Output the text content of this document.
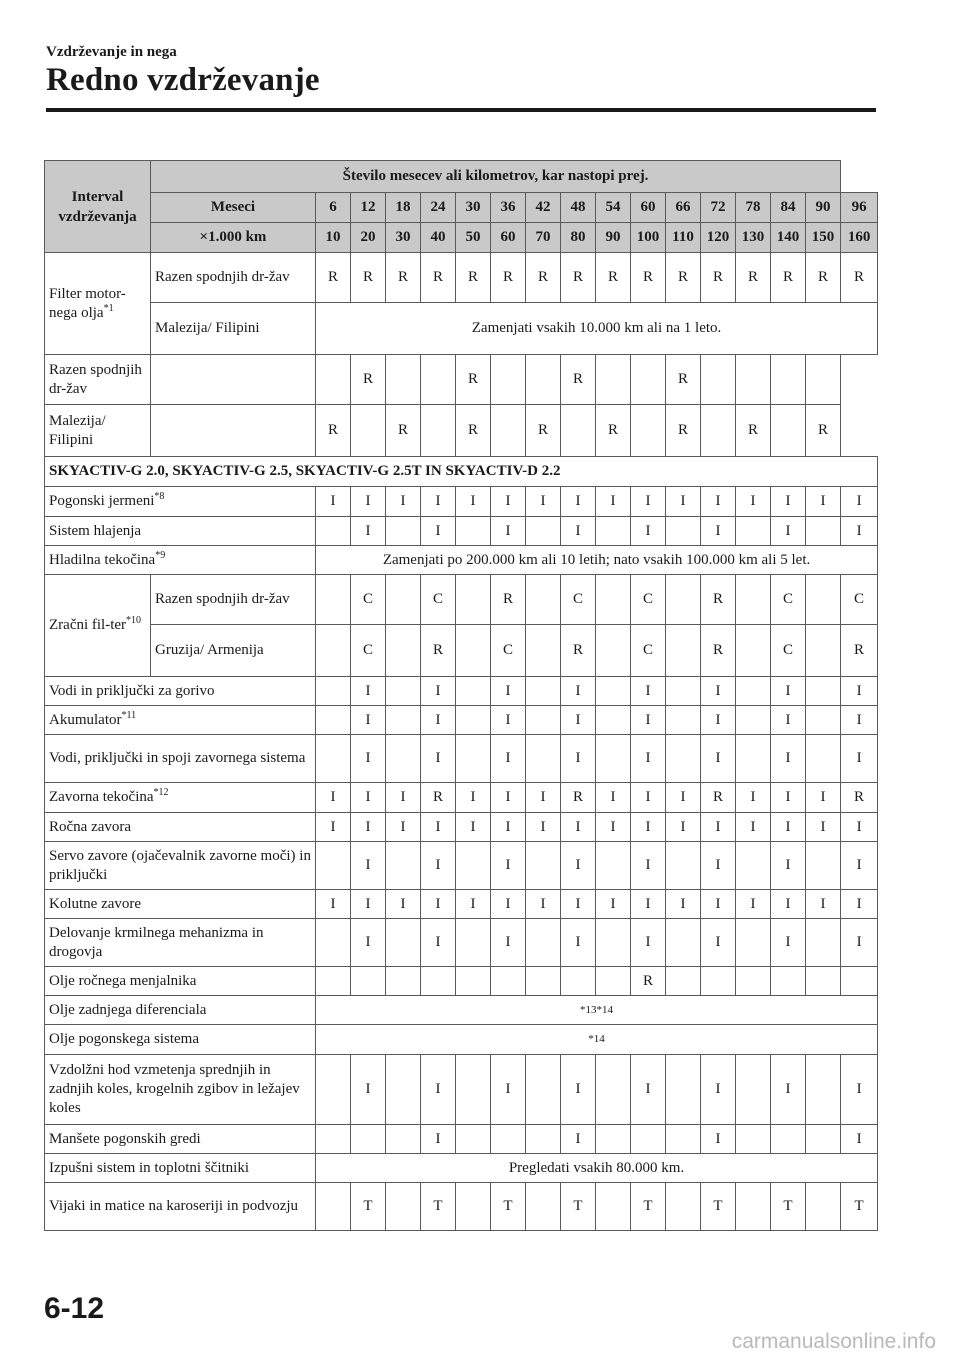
Vzdrževanje in nega
Redno vzdrževanje
Interval vzdrževanja	Število mesecev ali kilometrov, kar nastopi prej.																
	Meseci	6	12	18	24	30	36	42	48	54	60	66	72	78	84	90	96
	×1.000 km	10	20	30	40	50	60	70	80	90	100	110	120	130	140	150	160
Filter motor-nega olja$^{*1}$	Razen spodnjih dr-žav	R	R	R	R	R	R	R	R	R	R	R	R	R	R	R	R
	Malezija/ Filipini	Zamenjati vsakih 10.000 km ali na 1 leto.															
Razen spodnjih dr-žav			R			R			R			R					
Malezija/ Filipini		R		R		R		R		R		R		R		R	
SKYACTIV-G 2.0, SKYACTIV-G 2.5, SKYACTIV-G 2.5T IN SKYACTIV-D 2.2																	
Pogonski jermeni$^{*8}$		I	I	I	I	I	I	I	I	I	I	I	I	I	I	I	I
Sistem hlajenja			I		I		I		I		I		I		I		I
Hladilna tekočina$^{*9}$		Zamenjati po 200.000 km ali 10 letih; nato vsakih 100.000 km ali 5 let.															
Zračni fil-ter$^{*10}$	Razen spodnjih dr-žav		C		C		R		C		C		R		C		C
	Gruzija/ Armenija		C		R		C		R		C		R		C		R
Vodi in priključki za gorivo			I		I		I		I		I		I		I		I
Akumulator$^{*11}$			I		I		I		I		I		I		I		I
Vodi, priključki in spoji zavornega sistema			I		I		I		I		I		I		I		I
Zavorna tekočina$^{*12}$		I	I	I	R	I	I	I	R	I	I	I	R	I	I	I	R
Ročna zavora		I	I	I	I	I	I	I	I	I	I	I	I	I	I	I	I
Servo zavore (ojačevalnik zavorne moči) in priključki			I		I		I		I		I		I		I		I
Kolutne zavore		I	I	I	I	I	I	I	I	I	I	I	I	I	I	I	I
Delovanje krmilnega mehanizma in drogovja			I		I		I		I		I		I		I		I
Olje ročnega menjalnika											R						
Olje zadnjega diferenciala		*13*14															
Olje pogonskega sistema		*14															
Vzdolžni hod vzmetenja sprednjih in zadnjih koles, krogelnih zgibov in ležajev koles			I		I		I		I		I		I		I		I
Manšete pogonskih gredi					I				I				I				I
Izpušni sistem in toplotni ščitniki		Pregledati vsakih 80.000 km.															
Vijaki in matice na karoseriji in podvozju			T		T		T		T		T		T		T		T
6-12
carmanualsonline.info
